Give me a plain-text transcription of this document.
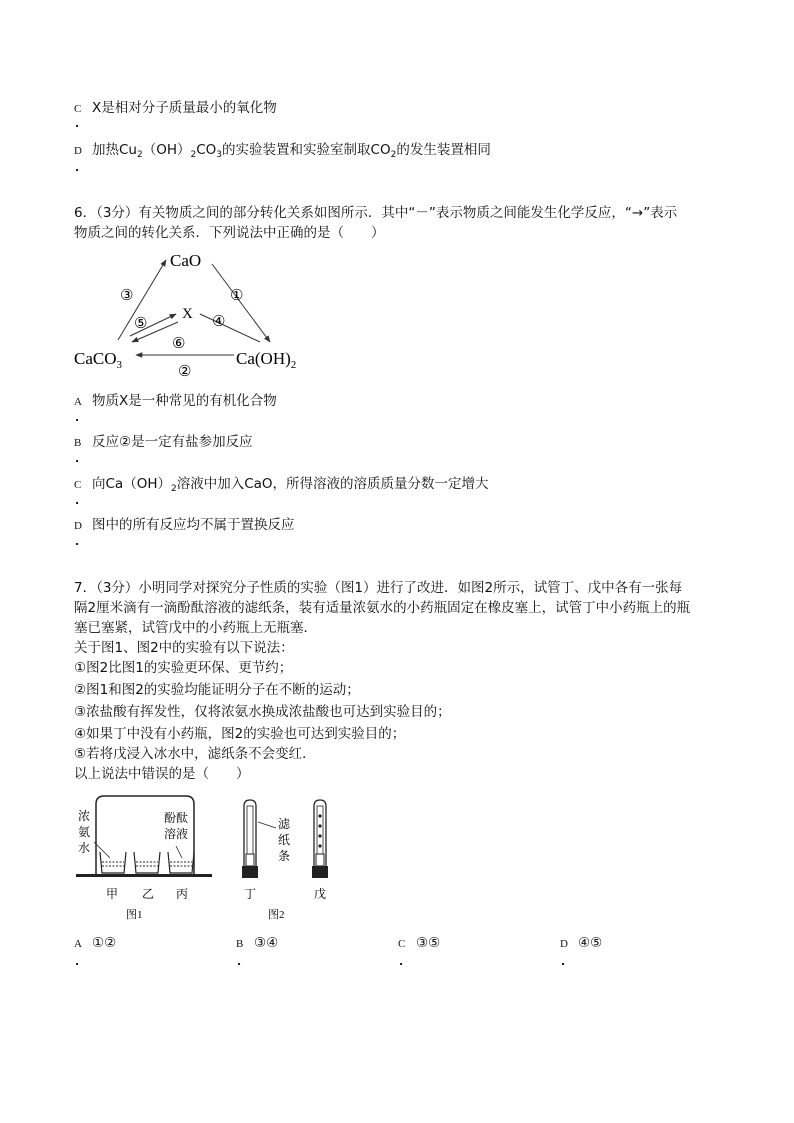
C X是相对分子质量最小的氧化物
.
D 加热$Cu_2(OH)_2CO_3$的实验装置和实验室制取$CO_2$的发生装置相同
.
6．（3分）有关物质之间的部分转化关系如图所示．其中“－”表示物质之间能发生化学反应，“→”表示
物质之间的转化关系．下列说法中正确的是（　　）
CaO
X
CaCO$_3$	$Ca(OH)_2$
①
②
③
④
⑤
⑥
A 物质X是一种常见的有机化合物
.
B 反应②是一定有盐参加反应
.
C 向$Ca(OH)_2$溶液中加入CaO，所得溶液的溶质质量分数一定增大
.
D 图中的所有反应均不属于置换反应
.
7．（3分）小明同学对探究分子性质的实验（图1）进行了改进．如图2所示，试管丁、戊中各有一张每
隔2厘米滴有一滴酚酞溶液的滤纸条，装有适量浓氨水的小药瓶固定在橡皮塞上，试管丁中小药瓶上的瓶
塞已塞紧，试管戊中的小药瓶上无瓶塞．
关于图1、图2中的实验有以下说法：
①图2比图1的实验更环保、更节约；
②图1和图2的实验均能证明分子在不断的运动；
③浓盐酸有挥发性，仅将浓氨水换成浓盐酸也可达到实验目的；
④如果丁中没有小药瓶，图2的实验也可达到实验目的；
⑤若将戊浸入冰水中，滤纸条不会变红．
以上说法中错误的是（　　）
浓
氨
水
酚酞
溶液
甲 乙 丙
图1
滤
纸
条
丁	戊
图2
A ①②
.
B ③④
.
C ③⑤
.
D ④⑤
.
